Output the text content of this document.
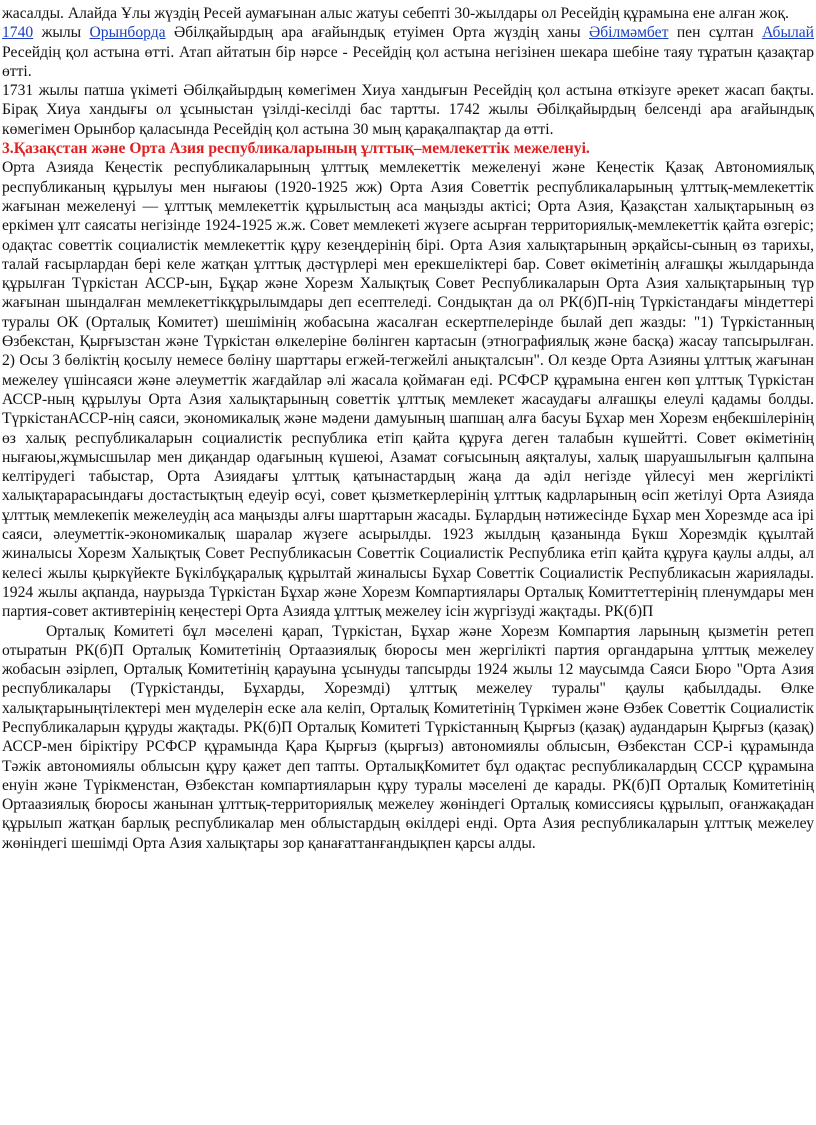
жасалды. Алайда Ұлы жүздің Ресей аумағынан алыс жатуы себепті 30-жылдары ол Ресейдің құрамына ене алған жоқ.

1740 жылы Орынборда Әбілқайырдың ара ағайындық етуімен Орта жүздің ханы Әбілмәмбет пен сұлтан Абылай Ресейдің қол астына өтті. Атап айтатын бір нәрсе - Ресейдің қол астына негізінен шекара шебіне таяу тұратын қазақтар өтті.

1731 жылы патша үкіметі Әбілқайырдың көмегімен Хиуа хандығын Ресейдің қол астына өткізуге әрекет жасап бақты. Бірақ Хиуа хандығы ол ұсыныстан үзілді-кесілді бас тартты. 1742 жылы Әбілқайырдың белсенді ара ағайындық көмегімен Орынбор қаласында Ресейдің қол астына 30 мың қарақалпақтар да өтті.

3.Қазақстан және Орта Азия республикаларының ұлттық–мемлекеттік межеленуі.

Орта Азияда Кеңестік республикаларының ұлттық мемлекеттік межеленуі және Кеңестік Қазақ Автономиялық республиканың құрылуы мен нығаюы (1920-1925 жж) Орта Азия Советтік республикаларының ұлттық-мемлекеттік жағынан межеленуі — ұлттық мемлекеттік құрылыстың аса маңызды актісі; Орта Азия, Қазақстан халықтарының өз еркімен ұлт саясаты негізінде 1924-1925 ж.ж. Совет мемлекеті жүзеге асырған территориялық-мемлекеттік қайта өзгеріс; одақтас советтік социалистік мемлекеттік құру кезеңдерінің бірі. Орта Азия халықтарының әрқайсы-сының өз тарихы, талай ғасырлардан бері келе жатқан ұлттық дәстүрлері мен ерекшеліктері бар. Совет өкіметінің алғашқы жылдарында құрылған Түркістан АССР-ын, Бұқар және Хорезм Халықтық Совет Республикаларын Орта Азия халықтарының түр жағынан шындалған мемлекеттікқұрылымдары деп есептеледі. Сондықтан да ол РК(б)П-нің Түркістандағы міндеттері туралы ОК (Орталық Комитет) шешімінің жобасына жасалған ескертпелерінде былай деп жазды: "1) Түркістанның Өзбекстан, Қырғызстан және Түркістан өлкелеріне бөлінген картасын (этнографиялық және басқа) жасау тапсырылған. 2) Осы 3 бөліктің қосылу немесе бөліну шарттары егжей-тегжейлі анықталсын". Ол кезде Орта Азияны ұлттық жағынан межелеу үшінсаяси және әлеуметтік жағдайлар әлі жасала қоймаған еді. РСФСР құрамына енген көп ұлттық Түркістан АССР-ның құрылуы Орта Азия халықтарының советтік ұлттық мемлекет жасаудағы алғашқы елеулі қадамы болды. ТүркістанАССР-нің саяси, экономикалық және мәдени дамуының шапшаң алға басуы Бұхар мен Хорезм еңбекшілерінің өз халық республикаларын социалистік республика етіп қайта құруға деген талабын күшейтті. Совет өкіметінің нығаюы,жұмысшылар мен диқандар одағының күшеюі, Азамат соғысының аяқталуы, халық шаруашылығын қалпына келтірудегі табыстар, Орта Азиядағы ұлттық қатынастардың жаңа да әділ негізде үйлесуі мен жергілікті халықтарарасындағы достастықтың едеуір өсуі, совет қызметкерлерінің ұлттық кадрларының өсіп жетілуі Орта Азияда ұлттық мемлекепік межелеудің аса маңызды алғы шарттарын жасады. Бұлардың нәтижесінде Бұхар мен Хорезмде аса ірі саяси, әлеуметтік-экономикалық шаралар жүзеге асырылды. 1923 жылдың қазанында Бүкш Хорезмдік құылтай жиналысы Хорезм Халықтық Совет Республикасын Советтік Социалистік Республика етіп қайта құруға қаулы алды, ал келесі жылы қыркүйекте Бүкілбұқаралық құрылтай жиналысы Бұхар Советтік Социалистік Республикасын жариялады. 1924 жылы ақпанда, наурызда Түркістан Бұхар және Хорезм Компартиялары Орталық Комиттеттерінің пленумдары мен партия-совет активтерінің кеңестері Орта Азияда ұлттық межелеу ісін жүргізуді жақтады. РК(б)П

Орталық Комитеті бұл мәселені қарап, Түркістан, Бұхар және Хорезм Компартия ларының қызметін ретеп отыратын РК(б)П Орталық Комитетінің Ортаазиялық бюросы мен жергілікті партия органдарына ұлттық межелеу жобасын әзірлеп, Орталық Комитетінің қарауына ұсынуды тапсырды 1924 жылы 12 маусымда Саяси Бюро "Орта Азия республикалары (Түркістанды, Бұхарды, Хорезмді) ұлттық межелеу туралы" қаулы қабылдады. Өлке халықтарыныңтілектері мен мүделерін еске ала келіп, Орталық Комитетінің Түркімен және Өзбек Советтік Социалистік Республикаларын құруды жақтады. РК(б)П Орталық Комитеті Түркістанның Қырғыз (қазақ) аудандарын Қырғыз (қазақ) АССР-мен біріктіру РСФСР құрамында Қара Қырғыз (қырғыз) автономиялы облысын, Өзбекстан ССР-і құрамында Тәжік автономиялы облысын құру қажет деп тапты. ОрталықКомитет бұл одақтас республикалардың СССР құрамына енуін және Түрікменстан, Өзбекстан компартияларын құру туралы мәселені де карады. РК(б)П Орталық Комитетінің Ортаазиялық бюросы жанынан ұлттық-территориялық межелеу жөніндегі Орталық комиссиясы құрылып, оғанжақадан құрылып жатқан барлық республикалар мен облыстардың өкілдері енді. Орта Азия республикаларын ұлттық межелеу жөніндегі шешімді Орта Азия халықтары зор қанағаттанғандықпен қарсы алды.
